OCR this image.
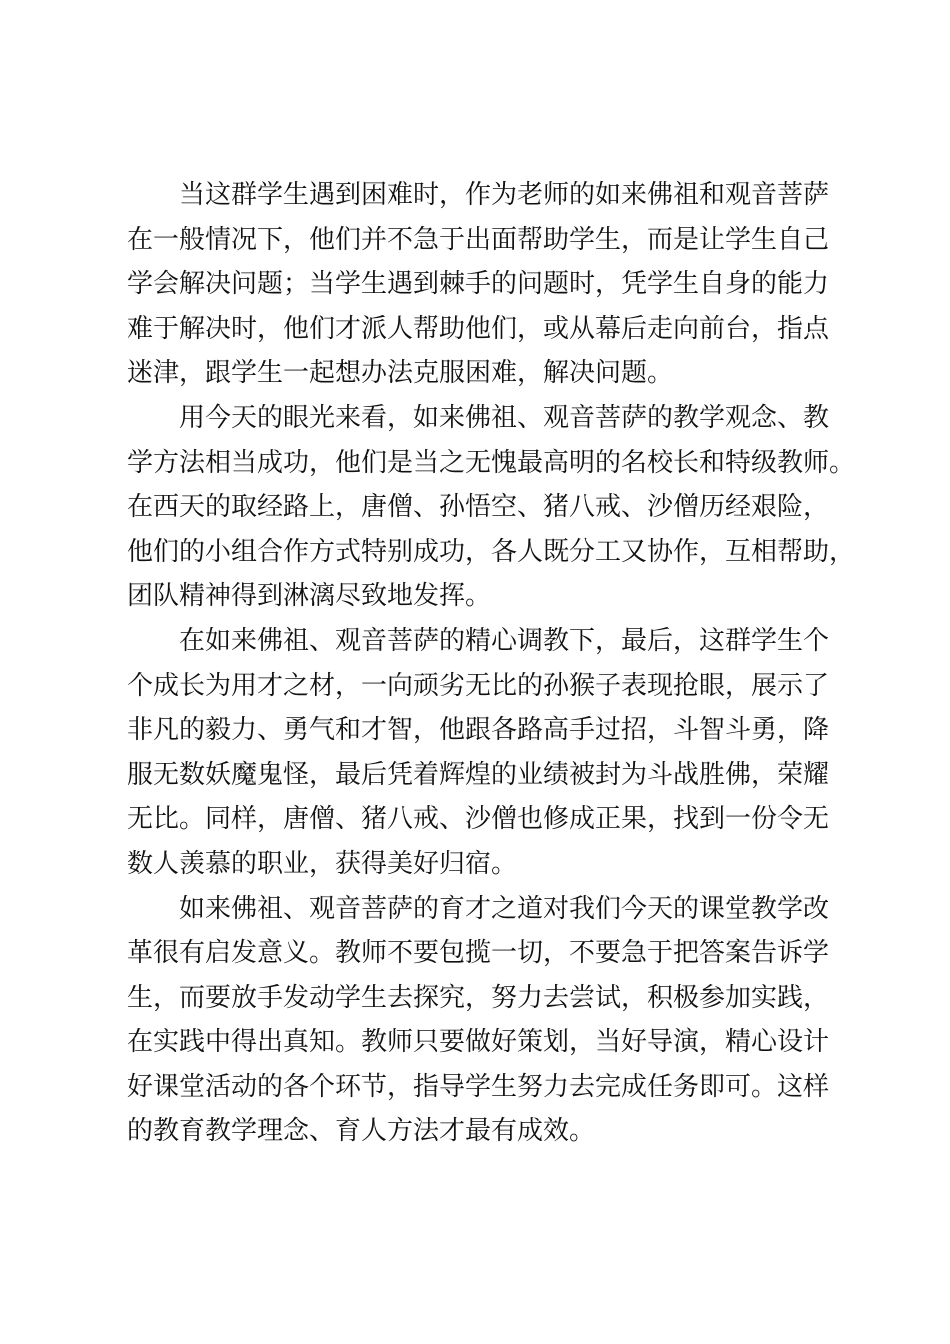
当这群学生遇到困难时，作为老师的如来佛祖和观音菩萨
在一般情况下，他们并不急于出面帮助学生，而是让学生自己
学会解决问题；当学生遇到棘手的问题时，凭学生自身的能力
难于解决时，他们才派人帮助他们，或从幕后走向前台，指点
迷津，跟学生一起想办法克服困难，解决问题。
用今天的眼光来看，如来佛祖、观音菩萨的教学观念、教
学方法相当成功，他们是当之无愧最高明的名校长和特级教师。
在西天的取经路上，唐僧、孙悟空、猪八戒、沙僧历经艰险，
他们的小组合作方式特别成功，各人既分工又协作，互相帮助，
团队精神得到淋漓尽致地发挥。
在如来佛祖、观音菩萨的精心调教下，最后，这群学生个
个成长为用才之材，一向顽劣无比的孙猴子表现抢眼，展示了
非凡的毅力、勇气和才智，他跟各路高手过招，斗智斗勇，降
服无数妖魔鬼怪，最后凭着辉煌的业绩被封为斗战胜佛，荣耀
无比。同样，唐僧、猪八戒、沙僧也修成正果，找到一份令无
数人羡慕的职业，获得美好归宿。
如来佛祖、观音菩萨的育才之道对我们今天的课堂教学改
革很有启发意义。教师不要包揽一切，不要急于把答案告诉学
生，而要放手发动学生去探究，努力去尝试，积极参加实践，
在实践中得出真知。教师只要做好策划，当好导演，精心设计
好课堂活动的各个环节，指导学生努力去完成任务即可。这样
的教育教学理念、育人方法才最有成效。
